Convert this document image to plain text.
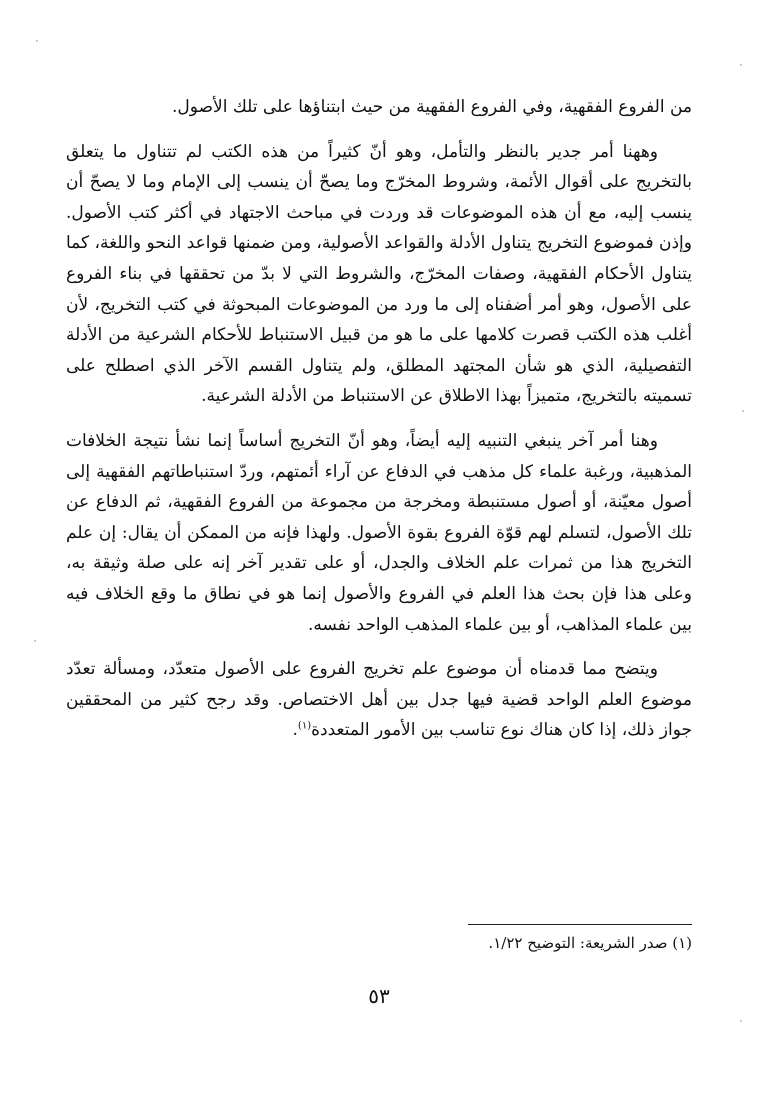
من الفروع الفقهية، وفي الفروع الفقهية من حيث ابتناؤها على تلك الأصول.

وههنا أمر جدير بالنظر والتأمل، وهو أنّ كثيراً من هذه الكتب لم تتناول ما يتعلق بالتخريج على أقوال الأئمة، وشروط المخرّج وما يصحّ أن ينسب إلى الإمام وما لا يصحّ أن ينسب إليه، مع أن هذه الموضوعات قد وردت في مباحث الاجتهاد في أكثر كتب الأصول. وإذن فموضوع التخريج يتناول الأدلة والقواعد الأصولية، ومن ضمنها قواعد النحو واللغة، كما يتناول الأحكام الفقهية، وصفات المخرّج، والشروط التي لا بدّ من تحققها في بناء الفروع على الأصول، وهو أمر أضفناه إلى ما ورد من الموضوعات المبحوثة في كتب التخريج، لأن أغلب هذه الكتب قصرت كلامها على ما هو من قبيل الاستنباط للأحكام الشرعية من الأدلة التفصيلية، الذي هو شأن المجتهد المطلق، ولم يتناول القسم الآخر الذي اصطلح على تسميته بالتخريج، متميزاً بهذا الاطلاق عن الاستنباط من الأدلة الشرعية.

وهنا أمر آخر ينبغي التنبيه إليه أيضاً، وهو أنّ التخريج أساساً إنما نشأ نتيجة الخلافات المذهبية، ورغبة علماء كل مذهب في الدفاع عن آراء أئمتهم، وردّ استنباطاتهم الفقهية إلى أصول معيّنة، أو أصول مستنبطة ومخرجة من مجموعة من الفروع الفقهية، ثم الدفاع عن تلك الأصول، لتسلم لهم قوّة الفروع بقوة الأصول. ولهذا فإنه من الممكن أن يقال: إن علم التخريج هذا من ثمرات علم الخلاف والجدل، أو على تقدير آخر إنه على صلة وثيقة به، وعلى هذا فإن بحث هذا العلم في الفروع والأصول إنما هو في نطاق ما وقع الخلاف فيه بين علماء المذاهب، أو بين علماء المذهب الواحد نفسه.

ويتضح مما قدمناه أن موضوع علم تخريج الفروع على الأصول متعدّد، ومسألة تعدّد موضوع العلم الواحد قضية فيها جدل بين أهل الاختصاص. وقد رجح كثير من المحققين جواز ذلك، إذا كان هناك نوع تناسب بين الأمور المتعددة$^{(١)}$.

(١) صدر الشريعة: التوضيح ١/٢٢.
٥٣
